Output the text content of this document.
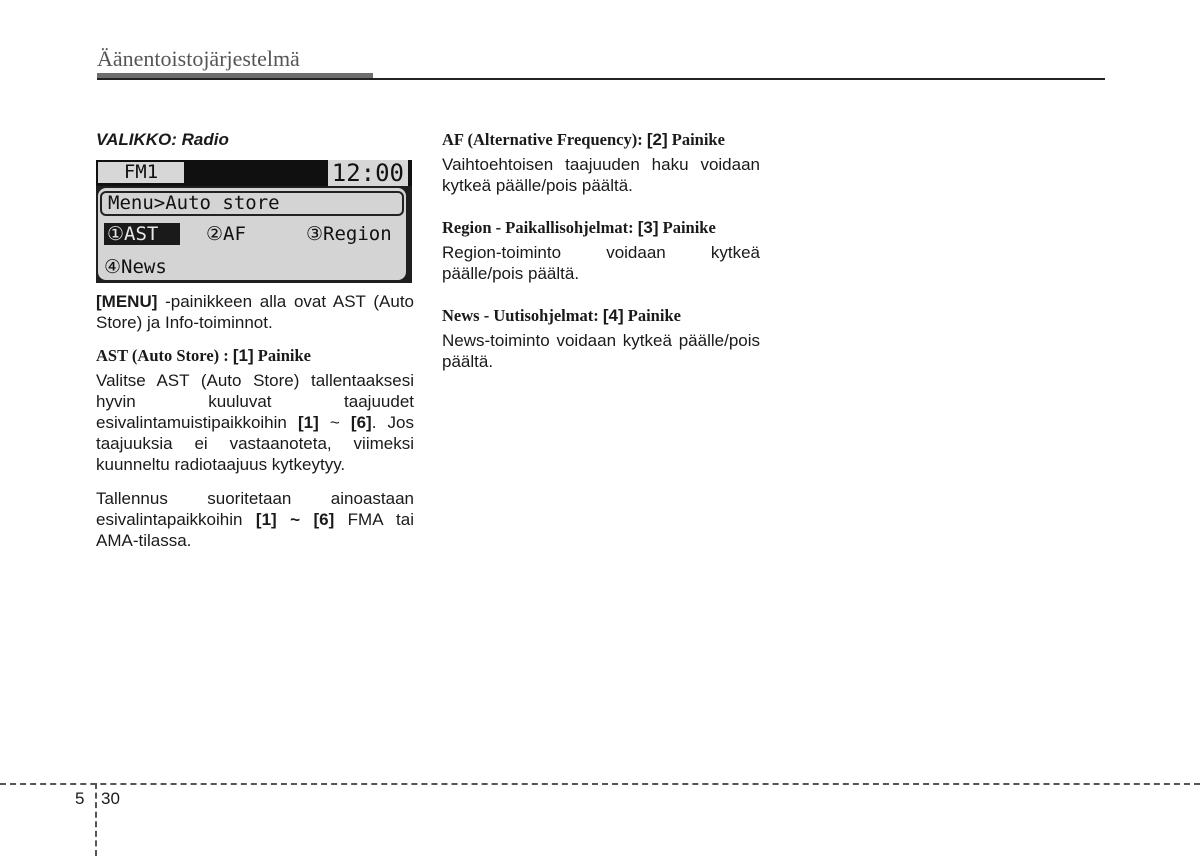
Äänentoistojärjestelmä
VALIKKO: Radio
FM1	12:00
Menu>Auto store
①AST	②AF	③Region
④News

[MENU] -painikkeen alla ovat AST (Auto Store) ja Info-toiminnot.

AST (Auto Store) : [1] Painike

Valitse AST (Auto Store) tallentaaksesi hyvin kuuluvat taajuudet esivalintamuistipaikkoihin [1] ~ [6]. Jos taajuuksia ei vastaanoteta, viimeksi kuunneltu radiotaajuus kytkeytyy.

Tallennus suoritetaan ainoastaan esivalintapaikkoihin [1] ~ [6] FMA tai AMA-tilassa.

AF (Alternative Frequency): [2] Painike

Vaihtoehtoisen taajuuden haku voidaan kytkeä päälle/pois päältä.

Region - Paikallisohjelmat: [3] Painike

Region-toiminto voidaan kytkeä päälle/pois päältä.

News - Uutisohjelmat: [4] Painike

News-toiminto voidaan kytkeä päälle/pois päältä.

5 30
